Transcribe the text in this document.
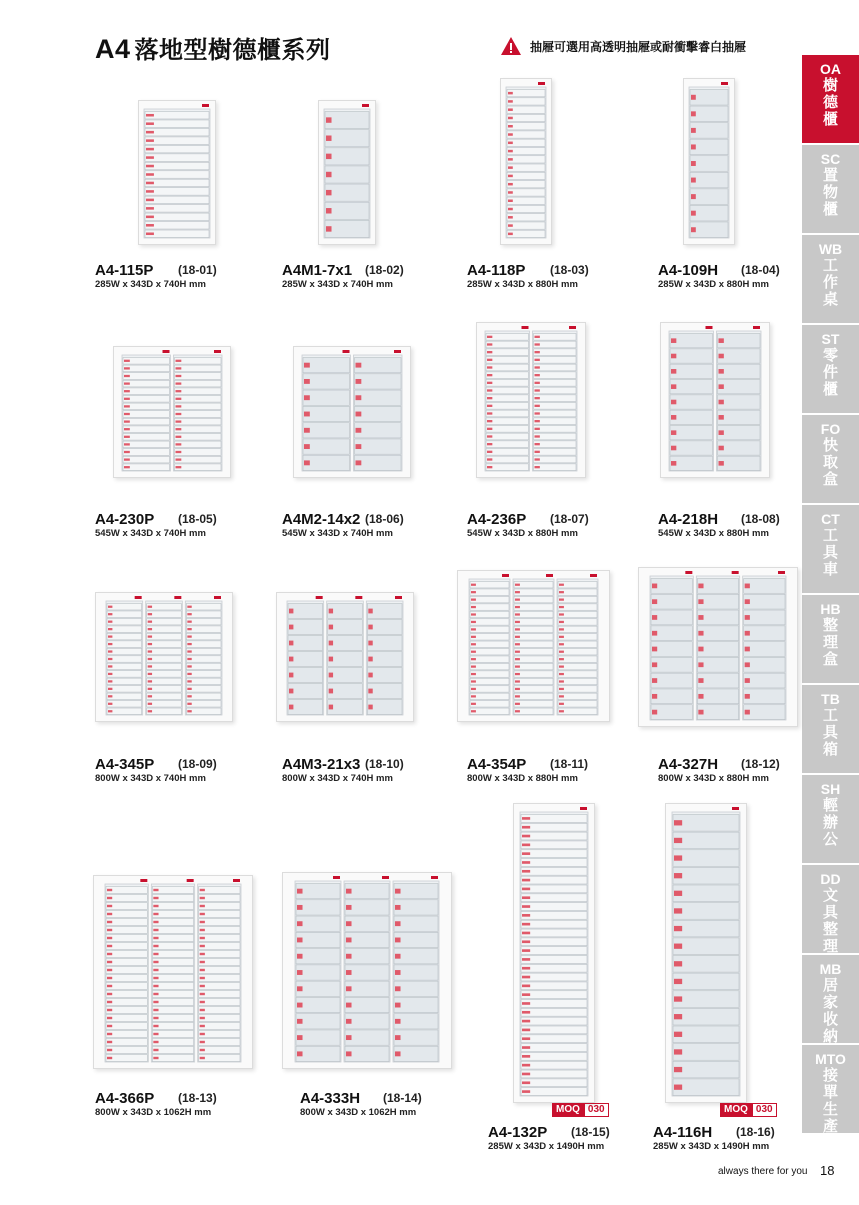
A4 落地型樹德櫃系列	抽屜可選用高透明抽屜或耐衝擊睿白抽屜
OA
樹德櫃
SC
置物櫃
WB
工作桌
ST
零件櫃
FO
快取盒
CT
工具車
HB
整理盒
TB
工具箱
SH
輕辦公
DD
文具整理
MB
居家收納
MTO
接單生產
A4-115P (18-01)
285W x 343D x 740H mm
A4M1-7x1 (18-02)
285W x 343D x 740H mm
A4-118P (18-03)
285W x 343D x 880H mm
A4-109H (18-04)
285W x 343D x 880H mm
A4-230P (18-05)
545W x 343D x 740H mm
A4M2-14x2 (18-06)
545W x 343D x 740H mm
A4-236P (18-07)
545W x 343D x 880H mm
A4-218H (18-08)
545W x 343D x 880H mm
A4-345P (18-09)
800W x 343D x 740H mm
A4M3-21x3 (18-10)
800W x 343D x 740H mm
A4-354P (18-11)
800W x 343D x 880H mm
A4-327H (18-12)
800W x 343D x 880H mm
A4-366P (18-13)
800W x 343D x 1062H mm
A4-333H (18-14)
800W x 343D x 1062H mm
A4-132P (18-15)
285W x 343D x 1490H mm
MOQ 030
A4-116H (18-16)
285W x 343D x 1490H mm
MOQ 030
always there for you 18
